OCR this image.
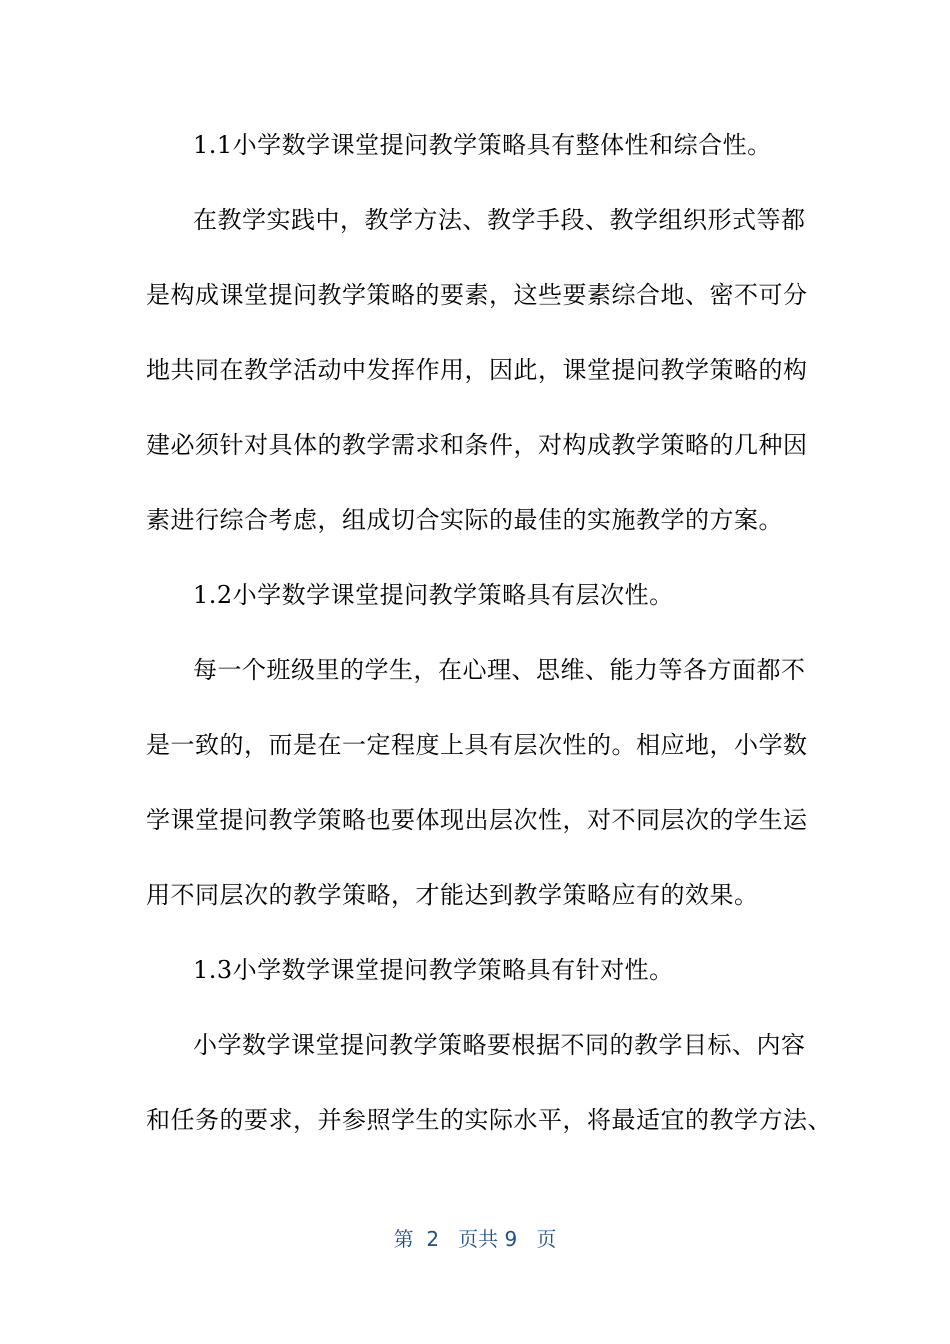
1.1小学数学课堂提问教学策略具有整体性和综合性。
在教学实践中，教学方法、教学手段、教学组织形式等都
是构成课堂提问教学策略的要素，这些要素综合地、密不可分
地共同在教学活动中发挥作用，因此，课堂提问教学策略的构
建必须针对具体的教学需求和条件，对构成教学策略的几种因
素进行综合考虑，组成切合实际的最佳的实施教学的方案。
1.2小学数学课堂提问教学策略具有层次性。
每一个班级里的学生，在心理、思维、能力等各方面都不
是一致的，而是在一定程度上具有层次性的。相应地，小学数
学课堂提问教学策略也要体现出层次性，对不同层次的学生运
用不同层次的教学策略，才能达到教学策略应有的效果。
1.3小学数学课堂提问教学策略具有针对性。
小学数学课堂提问教学策略要根据不同的教学目标、内容
和任务的要求，并参照学生的实际水平，将最适宜的教学方法、
第 2 页共 9 页
